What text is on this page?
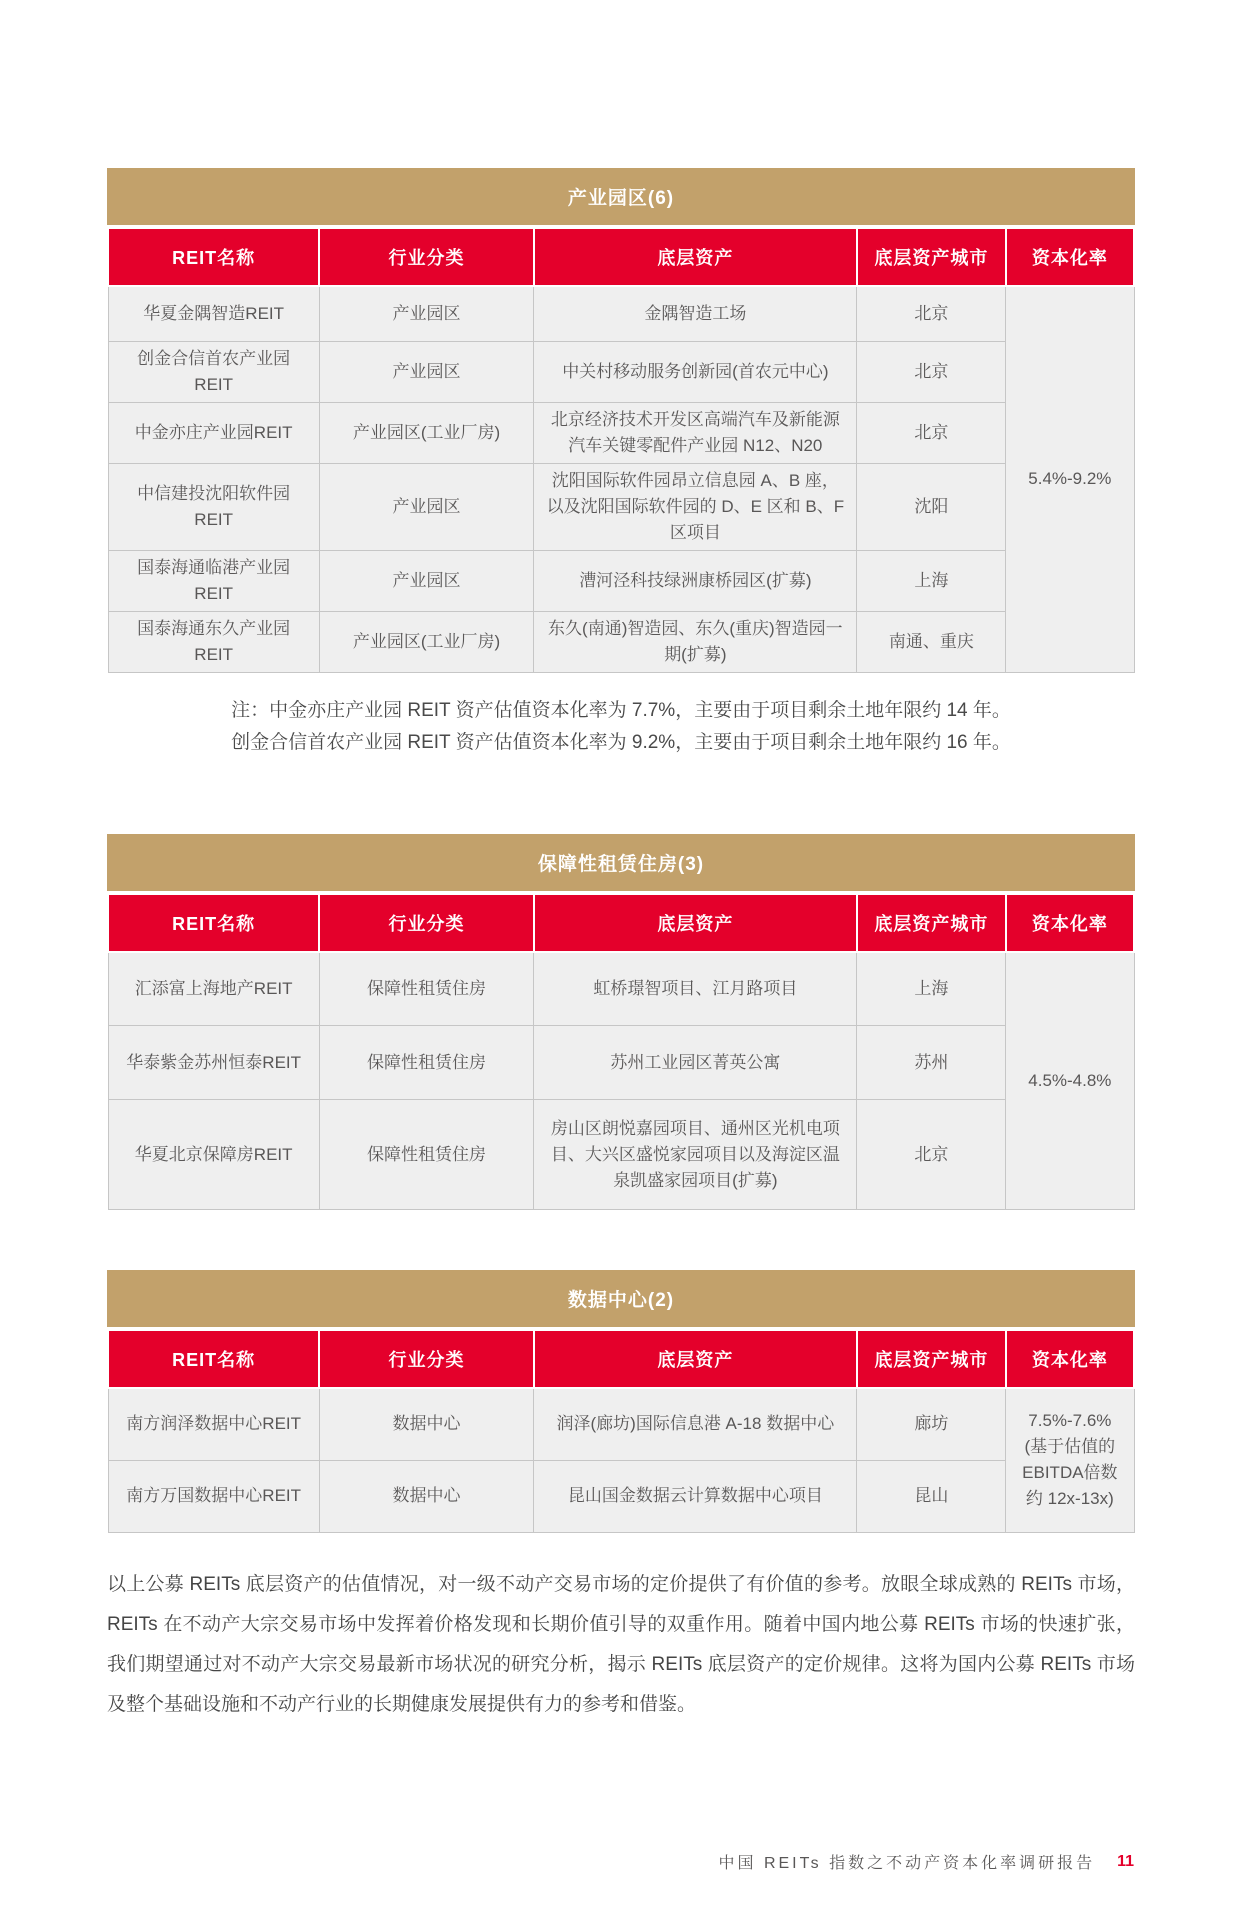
产业园区(6)
REIT名称	行业分类	底层资产	底层资产城市	资本化率
华夏金隅智造REIT	产业园区	金隅智造工场	北京	5.4%-9.2%
创金合信首农产业园REIT	产业园区	中关村移动服务创新园(首农元中心)	北京	
中金亦庄产业园REIT	产业园区(工业厂房)	北京经济技术开发区高端汽车及新能源汽车关键零配件产业园 N12、N20	北京	
中信建投沈阳软件园REIT	产业园区	沈阳国际软件园昂立信息园 A、B 座，以及沈阳国际软件园的 D、E 区和 B、F 区项目	沈阳	
国泰海通临港产业园 REIT	产业园区	漕河泾科技绿洲康桥园区(扩募)	上海	
国泰海通东久产业园REIT	产业园区(工业厂房)	东久(南通)智造园、东久(重庆)智造园一期(扩募)	南通、重庆	
注：中金亦庄产业园 REIT 资产估值资本化率为 7.7%，主要由于项目剩余土地年限约 14 年。
创金合信首农产业园 REIT 资产估值资本化率为 9.2%，主要由于项目剩余土地年限约 16 年。
保障性租赁住房(3)
REIT名称	行业分类	底层资产	底层资产城市	资本化率
汇添富上海地产REIT	保障性租赁住房	虹桥璟智项目、江月路项目	上海	4.5%-4.8%
华泰紫金苏州恒泰REIT	保障性租赁住房	苏州工业园区菁英公寓	苏州	
华夏北京保障房REIT	保障性租赁住房	房山区朗悦嘉园项目、通州区光机电项目、大兴区盛悦家园项目以及海淀区温泉凯盛家园项目(扩募)	北京	
数据中心(2)
REIT名称	行业分类	底层资产	底层资产城市	资本化率
南方润泽数据中心REIT	数据中心	润泽(廊坊)国际信息港 A-18 数据中心	廊坊	7.5%-7.6% (基于估值的EBITDA倍数约 12x-13x)
南方万国数据中心REIT	数据中心	昆山国金数据云计算数据中心项目	昆山	
以上公募 REITs 底层资产的估值情况，对一级不动产交易市场的定价提供了有价值的参考。放眼全球成熟的 REITs 市场，REITs 在不动产大宗交易市场中发挥着价格发现和长期价值引导的双重作用。随着中国内地公募 REITs 市场的快速扩张，我们期望通过对不动产大宗交易最新市场状况的研究分析，揭示 REITs 底层资产的定价规律。这将为国内公募 REITs 市场及整个基础设施和不动产行业的长期健康发展提供有力的参考和借鉴。
中国 REITs 指数之不动产资本化率调研报告 11
